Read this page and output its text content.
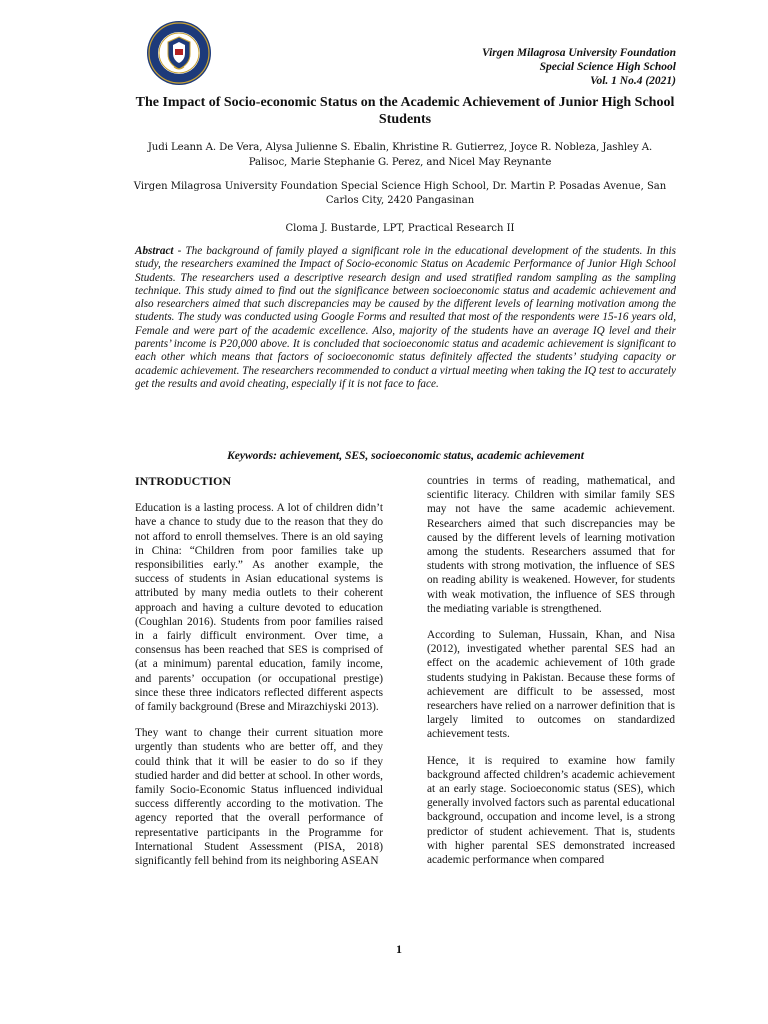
Virgen Milagrosa University Foundation
Special Science High School
Vol. 1 No.4 (2021)
The Impact of Socio-economic Status on the Academic Achievement of Junior High School Students
Judi Leann A. De Vera, Alysa Julienne S. Ebalin, Khristine R. Gutierrez, Joyce R. Nobleza, Jashley A. Palisoc, Marie Stephanie G. Perez, and Nicel May Reynante
Virgen Milagrosa University Foundation Special Science High School, Dr. Martin P. Posadas Avenue, San Carlos City, 2420 Pangasinan
Cloma J. Bustarde, LPT, Practical Research II
Abstract - The background of family played a significant role in the educational development of the students. In this study, the researchers examined the Impact of Socio-economic Status on Academic Performance of Junior High School Students. The researchers used a descriptive research design and used stratified random sampling as the sampling technique. This study aimed to find out the significance between socioeconomic status and academic achievement and also researchers aimed that such discrepancies may be caused by the different levels of learning motivation among the students. The study was conducted using Google Forms and resulted that most of the respondents were 15-16 years old, Female and were part of the academic excellence. Also, majority of the students have an average IQ level and their parents’ income is P20,000 above. It is concluded that socioeconomic status and academic achievement is significant to each other which means that factors of socioeconomic status definitely affected the students’ studying capacity or academic achievement. The researchers recommended to conduct a virtual meeting when taking the IQ test to accurately get the results and avoid cheating, especially if it is not face to face.
Keywords: achievement, SES, socioeconomic status, academic achievement
INTRODUCTION

Education is a lasting process. A lot of children didn’t have a chance to study due to the reason that they do not afford to enroll themselves. There is an old saying in China: “Children from poor families take up responsibilities early.” As another example, the success of students in Asian educational systems is attributed by many media outlets to their coherent approach and having a culture devoted to education (Coughlan 2016). Students from poor families raised in a fairly difficult environment. Over time, a consensus has been reached that SES is comprised of (at a minimum) parental education, family income, and parents’ occupation (or occupational prestige) since these three indicators reflected different aspects of family background (Brese and Mirazchiyski 2013).

They want to change their current situation more urgently than students who are better off, and they could think that it will be easier to do so if they studied harder and did better at school. In other words, family Socio-Economic Status influenced individual success differently according to the motivation. The agency reported that the overall performance of representative participants in the Programme for International Student Assessment (PISA, 2018) significantly fell behind from its neighboring ASEAN

countries in terms of reading, mathematical, and scientific literacy. Children with similar family SES may not have the same academic achievement. Researchers aimed that such discrepancies may be caused by the different levels of learning motivation among the students. Researchers assumed that for students with strong motivation, the influence of SES on reading ability is weakened. However, for students with weak motivation, the influence of SES through the mediating variable is strengthened.

According to Suleman, Hussain, Khan, and Nisa (2012), investigated whether parental SES had an effect on the academic achievement of 10th grade students studying in Pakistan. Because these forms of achievement are difficult to be assessed, most researchers have relied on a narrower definition that is largely limited to outcomes on standardized achievement tests.

Hence, it is required to examine how family background affected children’s academic achievement at an early stage. Socioeconomic status (SES), which generally involved factors such as parental educational background, occupation and income level, is a strong predictor of student achievement. That is, students with higher parental SES demonstrated increased academic performance when compared

1
